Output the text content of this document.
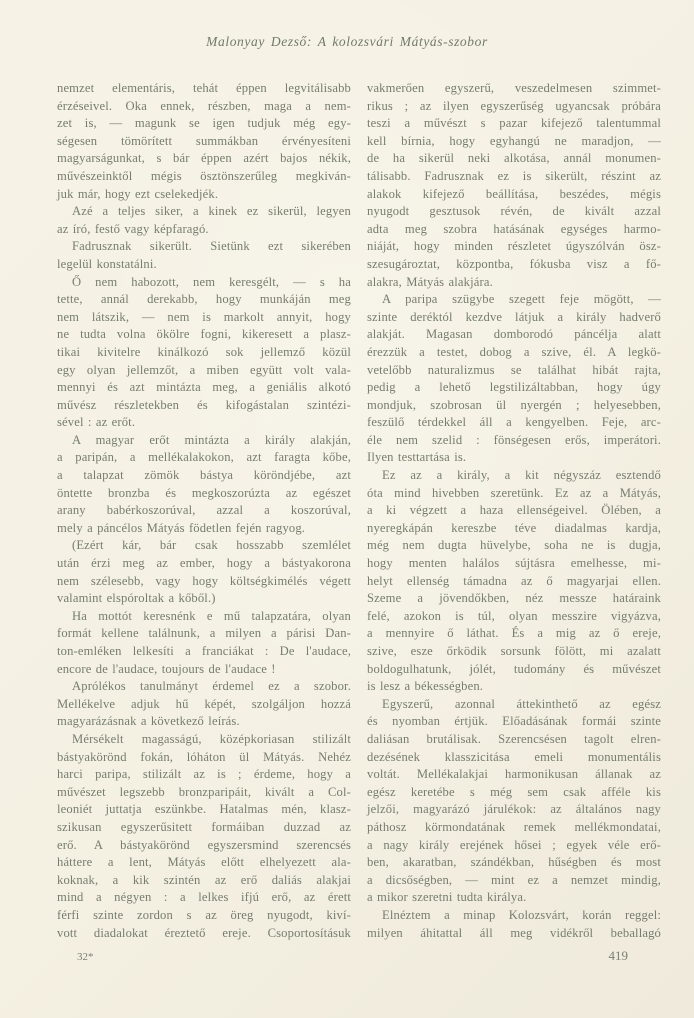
Malonyay Dezső: A kolozsvári Mátyás-szobor
nemzet elementáris, tehát éppen legvitálisabb
érzéseivel. Oka ennek, részben, maga a nem-
zet is, — magunk se igen tudjuk még egy-
ségesen tömörített summákban érvényesíteni
magyarságunkat, s bár éppen azért bajos nékik,
művészeinktől mégis ösztönszerűleg megkiván-
juk már, hogy ezt cselekedjék.
Azé a teljes siker, a kinek ez sikerül, legyen
az író, festő vagy képfaragó.
Fadrusznak sikerült. Sietünk ezt sikerében
legelül konstatálni.
Ő nem habozott, nem keresgélt, — s ha
tette, annál derekabb, hogy munkáján meg
nem látszik, — nem is markolt annyit, hogy
ne tudta volna ökölre fogni, kikeresett a plasz-
tikai kivitelre kinálkozó sok jellemző közül
egy olyan jellemzőt, a miben együtt volt vala-
mennyi és azt mintázta meg, a geniális alkotó
művész részletekben és kifogástalan szintézi-
sével : az erőt.
A magyar erőt mintázta a király alakján,
a paripán, a mellékalakokon, azt faragta kőbe,
a talapzat zömök bástya köröndjébe, azt
öntette bronzba és megkoszorúzta az egészet
arany babérkoszorúval, azzal a koszorúval,
mely a páncélos Mátyás födetlen fején ragyog.
(Ezért kár, bár csak hosszabb szemlélet
után érzi meg az ember, hogy a bástyakorona
nem szélesebb, vagy hogy költségkimélés végett
valamint elspóroltak a kőből.)
Ha mottót keresnénk e mű talapzatára, olyan
formát kellene találnunk, a milyen a párisi Dan-
ton-emléken lelkesíti a franciákat : De l'audace,
encore de l'audace, toujours de l'audace !
Aprólékos tanulmányt érdemel ez a szobor.
Mellékelve adjuk hű képét, szolgáljon hozzá
magyarázásnak a következő leírás.
Mérsékelt magasságú, középkoriasan stilizált
bástyakörönd fokán, lóháton ül Mátyás. Nehéz
harci paripa, stilizált az is ; érdeme, hogy a
művészet legszebb bronzparipáit, kivált a Col-
leoniét juttatja eszünkbe. Hatalmas mén, klasz-
szikusan egyszerűsitett formáiban duzzad az
erő. A bástyakörönd egyszersmind szerencsés
háttere a lent, Mátyás előtt elhelyezett ala-
koknak, a kik szintén az erő daliás alakjai
mind a négyen : a lelkes ifjú erő, az érett
férfi szinte zordon s az öreg nyugodt, kiví-
vott diadalokat éreztető ereje. Csoportosításuk
vakmerően egyszerű, veszedelmesen szimmet-
rikus ; az ilyen egyszerűség ugyancsak próbára
teszi a művészt s pazar kifejező talentummal
kell bírnia, hogy egyhangú ne maradjon, —
de ha sikerül neki alkotása, annál monumen-
tálisabb. Fadrusznak ez is sikerült, részint az
alakok kifejező beállítása, beszédes, mégis
nyugodt gesztusok révén, de kivált azzal
adta meg szobra hatásának egységes harmo-
niáját, hogy minden részletet úgyszólván ösz-
szesugároztat, központba, fókusba visz a fő-
alakra, Mátyás alakjára.
A paripa szügybe szegett feje mögött, —
szinte deréktól kezdve látjuk a király hadverő
alakját. Magasan domborodó páncélja alatt
érezzük a testet, dobog a szive, él. A legkö-
vetelőbb naturalizmus se találhat hibát rajta,
pedig a lehető legstilizáltabban, hogy úgy
mondjuk, szobrosan ül nyergén ; helyesebben,
feszülő térdekkel áll a kengyelben. Feje, arc-
éle nem szelid : fönségesen erős, imperátori.
Ilyen testtartása is.
Ez az a király, a kit négyszáz esztendő
óta mind hivebben szeretünk. Ez az a Mátyás,
a ki végzett a haza ellenségeivel. Ölében, a
nyeregkápán kereszbe téve diadalmas kardja,
még nem dugta hüvelybe, soha ne is dugja,
hogy menten halálos sújtásra emelhesse, mi-
helyt ellenség támadna az ő magyarjai ellen.
Szeme a jövendőkben, néz messze határaink
felé, azokon is túl, olyan messzire vigyázva,
a mennyire ő láthat. És a mig az ő ereje,
szive, esze őrködik sorsunk fölött, mi azalatt
boldogulhatunk, jólét, tudomány és művészet
is lesz a békességben.
Egyszerű, azonnal áttekinthető az egész
és nyomban értjük. Előadásának formái szinte
daliásan brutálisak. Szerencsésen tagolt elren-
dezésének klasszicitása emeli monumentális
voltát. Mellékalakjai harmonikusan állanak az
egész keretébe s még sem csak afféle kis
jelzői, magyarázó járulékok: az általános nagy
páthosz körmondatának remek mellékmondatai,
a nagy király erejének hősei ; egyek véle erő-
ben, akaratban, szándékban, hűségben és most
a dicsőségben, — mint ez a nemzet mindig,
a mikor szeretni tudta királya.
Elnéztem a minap Kolozsvárt, korán reggel:
milyen áhitattal áll meg vidékről beballagó
32*	419
